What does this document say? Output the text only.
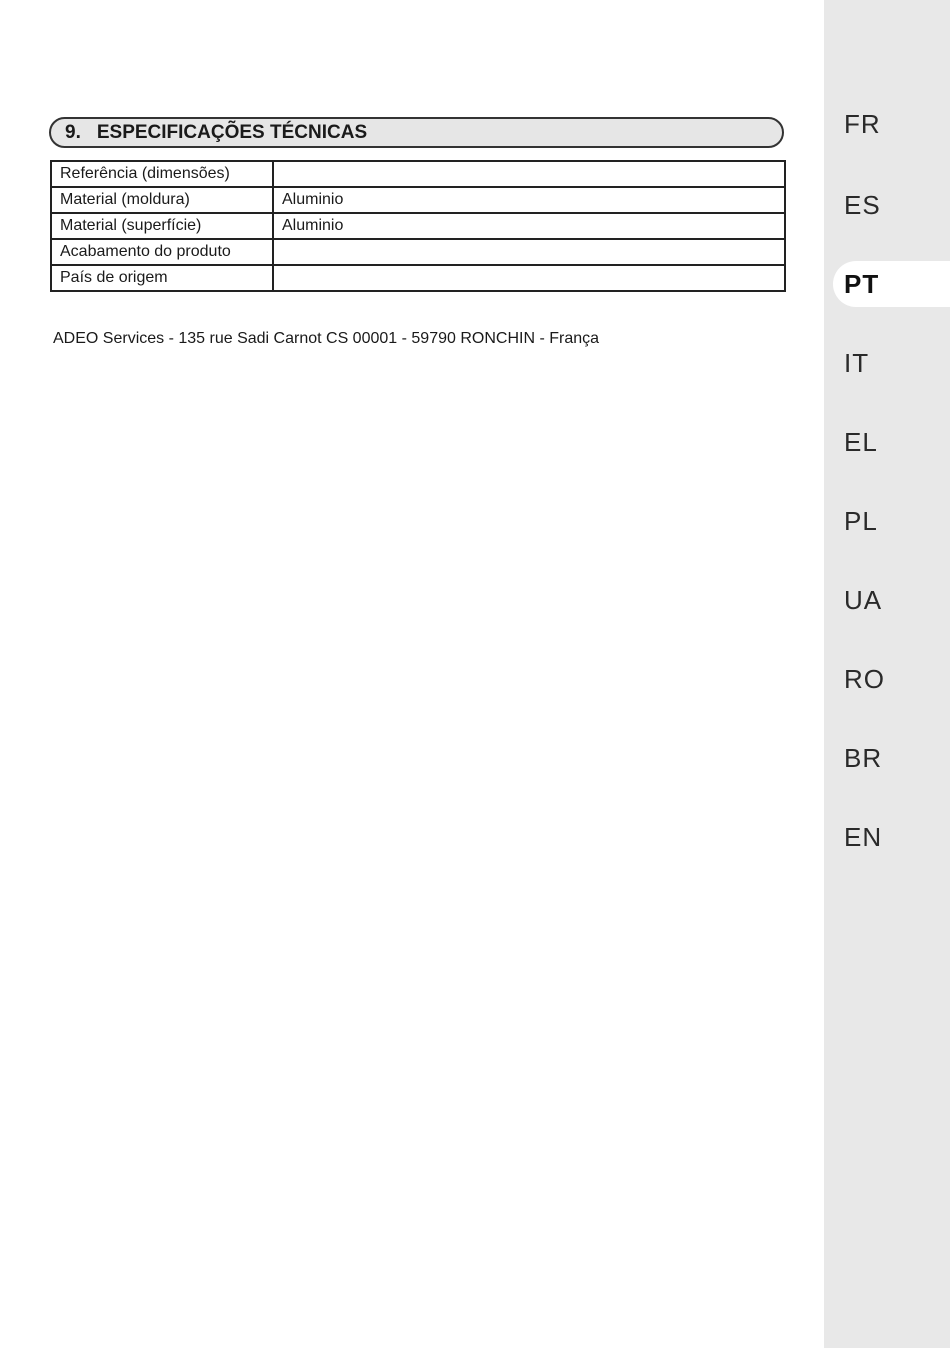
9. ESPECIFICAÇÕES TÉCNICAS
Referência (dimensões)	
Material (moldura)	Aluminio
Material (superfície)	Aluminio
Acabamento do produto	
País de origem	
ADEO Services - 135 rue Sadi Carnot CS 00001 - 59790 RONCHIN - França
FR
ES
PT
IT
EL
PL
UA
RO
BR
EN
